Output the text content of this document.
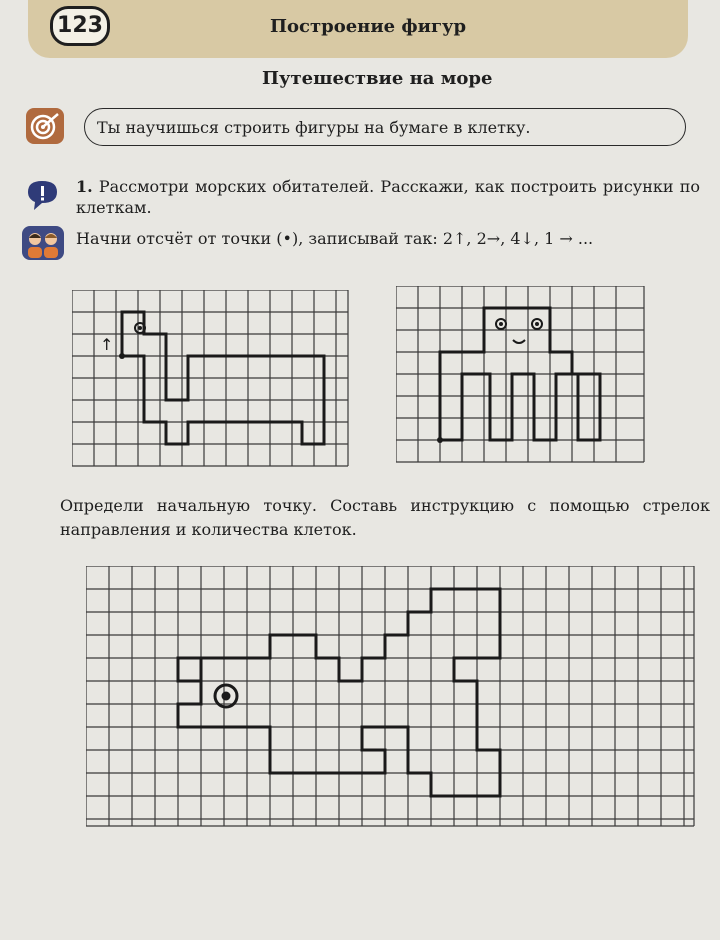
123	Построение фигур
Путешествие на море
Ты научишься строить фигуры на бумаге в клетку.
1. Рассмотри морских обитателей. Расскажи, как построить рисунки по клеткам.
Начни отсчёт от точки (•), записывай так: 2↑, 2→, 4↓, 1 → ...
↑
Определи начальную точку. Составь инструкцию с помощью стрелок направления и количества клеток.
